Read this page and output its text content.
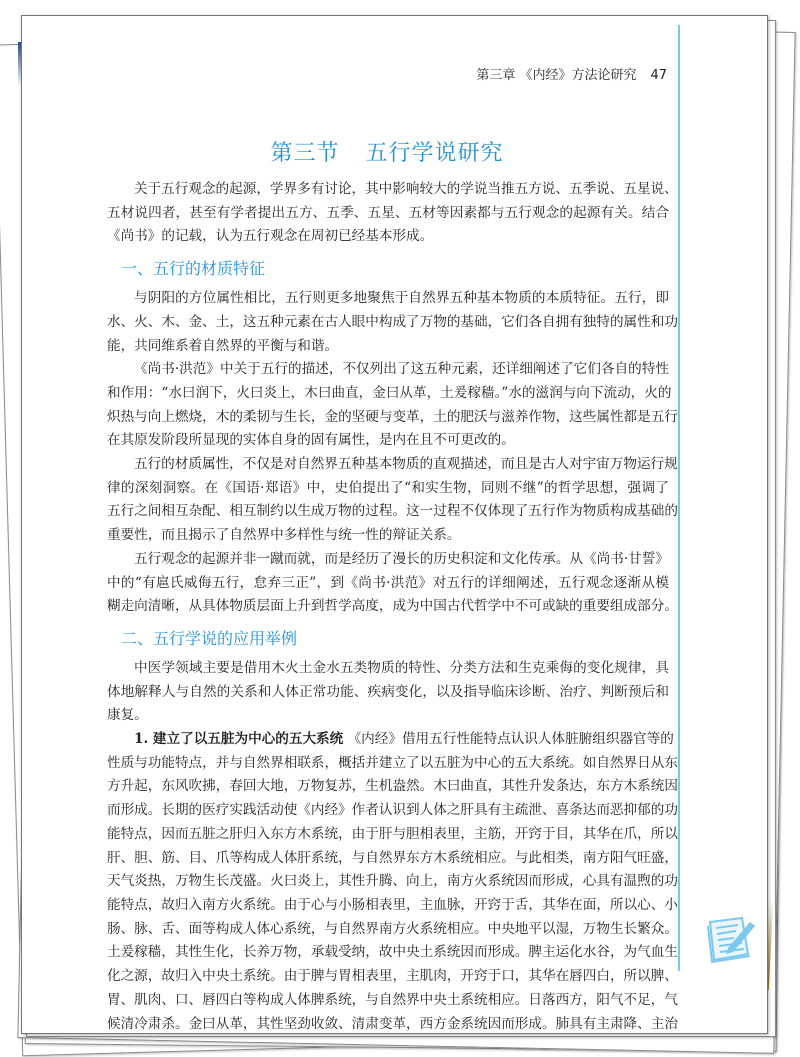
第三章 《内经》方法论研究 47
第三节 五行学说研究
关于五行观念的起源，学界多有讨论，其中影响较大的学说当推五方说、五季说、五星说、
五材说四者，甚至有学者提出五方、五季、五星、五材等因素都与五行观念的起源有关。结合
《尚书》的记载，认为五行观念在周初已经基本形成。
一、五行的材质特征
与阴阳的方位属性相比，五行则更多地聚焦于自然界五种基本物质的本质特征。五行，即
水、火、木、金、土，这五种元素在古人眼中构成了万物的基础，它们各自拥有独特的属性和功
能，共同维系着自然界的平衡与和谐。
《尚书·洪范》中关于五行的描述，不仅列出了这五种元素，还详细阐述了它们各自的特性
和作用：“水曰润下，火曰炎上，木曰曲直，金曰从革，土爰稼穑。”水的滋润与向下流动，火的
炽热与向上燃烧，木的柔韧与生长，金的坚硬与变革，土的肥沃与滋养作物，这些属性都是五行
在其原发阶段所显现的实体自身的固有属性，是内在且不可更改的。
五行的材质属性，不仅是对自然界五种基本物质的直观描述，而且是古人对宇宙万物运行规
律的深刻洞察。在《国语·郑语》中，史伯提出了“和实生物，同则不继”的哲学思想，强调了
五行之间相互杂配、相互制约以生成万物的过程。这一过程不仅体现了五行作为物质构成基础的
重要性，而且揭示了自然界中多样性与统一性的辩证关系。
五行观念的起源并非一蹴而就，而是经历了漫长的历史积淀和文化传承。从《尚书·甘誓》
中的“有扈氏威侮五行，怠弃三正”，到《尚书·洪范》对五行的详细阐述，五行观念逐渐从模
糊走向清晰，从具体物质层面上升到哲学高度，成为中国古代哲学中不可或缺的重要组成部分。
二、五行学说的应用举例
中医学领域主要是借用木火土金水五类物质的特性、分类方法和生克乘侮的变化规律，具
体地解释人与自然的关系和人体正常功能、疾病变化，以及指导临床诊断、治疗、判断预后和
康复。
1. 建立了以五脏为中心的五大系统 《内经》借用五行性能特点认识人体脏腑组织器官等的
性质与功能特点，并与自然界相联系，概括并建立了以五脏为中心的五大系统。如自然界日从东
方升起，东风吹拂，春回大地，万物复苏，生机盎然。木曰曲直，其性升发条达，东方木系统因
而形成。长期的医疗实践活动使《内经》作者认识到人体之肝具有主疏泄、喜条达而恶抑郁的功
能特点，因而五脏之肝归入东方木系统，由于肝与胆相表里，主筋，开窍于目，其华在爪，所以
肝、胆、筋、目、爪等构成人体肝系统，与自然界东方木系统相应。与此相类，南方阳气旺盛，
天气炎热，万物生长茂盛。火曰炎上，其性升腾、向上，南方火系统因而形成，心具有温煦的功
能特点，故归入南方火系统。由于心与小肠相表里，主血脉，开窍于舌，其华在面，所以心、小
肠、脉、舌、面等构成人体心系统，与自然界南方火系统相应。中央地平以湿，万物生长繁众。
土爰稼穑，其性生化，长养万物，承载受纳，故中央土系统因而形成。脾主运化水谷，为气血生
化之源，故归入中央土系统。由于脾与胃相表里，主肌肉，开窍于口，其华在唇四白，所以脾、
胃、肌肉、口、唇四白等构成人体脾系统，与自然界中央土系统相应。日落西方，阳气不足，气
候清冷肃杀。金曰从革，其性坚劲收敛、清肃变革，西方金系统因而形成。肺具有主肃降、主治
